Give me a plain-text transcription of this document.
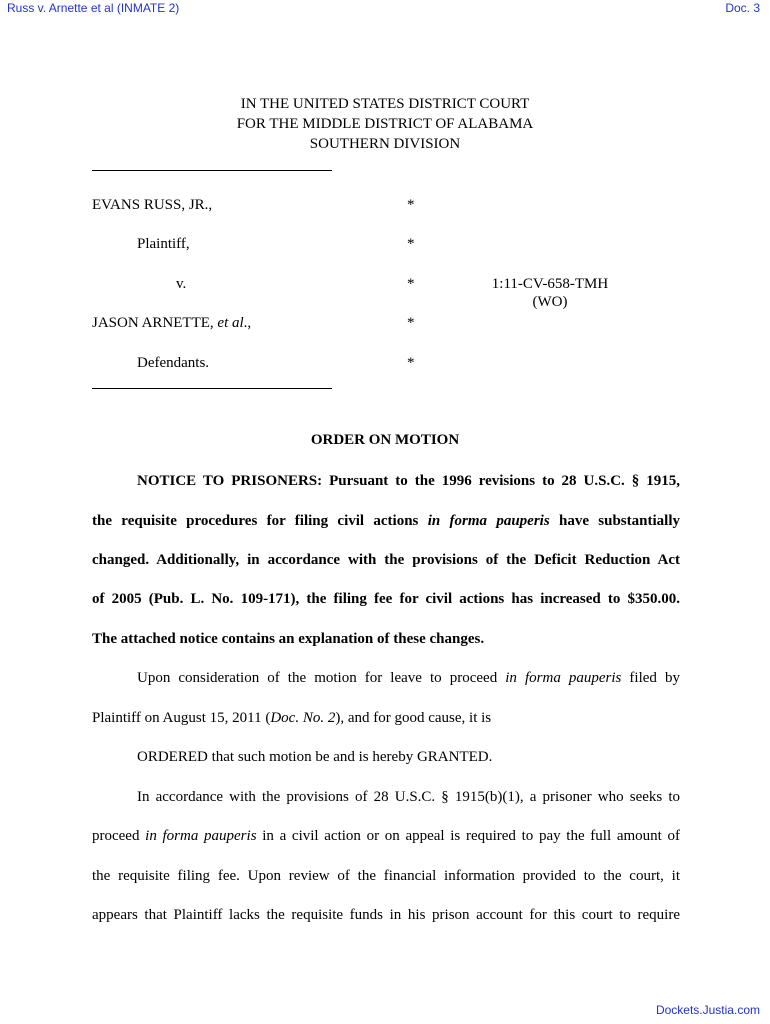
Russ v. Arnette et al (INMATE 2)	Doc. 3
IN THE UNITED STATES DISTRICT COURT
FOR THE MIDDLE DISTRICT OF ALABAMA
SOUTHERN DIVISION
EVANS RUSS, JR.,	*
Plaintiff,	*
v.	*	1:11-CV-658-TMH
(WO)
JASON ARNETTE, et al.,	*
Defendants.	*
ORDER ON MOTION
NOTICE TO PRISONERS: Pursuant to the 1996 revisions to 28 U.S.C. § 1915,
the requisite procedures for filing civil actions in forma pauperis have substantially
changed. Additionally, in accordance with the provisions of the Deficit Reduction Act
of 2005 (Pub. L. No. 109-171), the filing fee for civil actions has increased to $350.00.
The attached notice contains an explanation of these changes.
Upon consideration of the motion for leave to proceed in forma pauperis filed by
Plaintiff on August 15, 2011 (Doc. No. 2), and for good cause, it is
ORDERED that such motion be and is hereby GRANTED.
In accordance with the provisions of 28 U.S.C. § 1915(b)(1), a prisoner who seeks to
proceed in forma pauperis in a civil action or on appeal is required to pay the full amount of
the requisite filing fee. Upon review of the financial information provided to the court, it
appears that Plaintiff lacks the requisite funds in his prison account for this court to require
Dockets.Justia.com
